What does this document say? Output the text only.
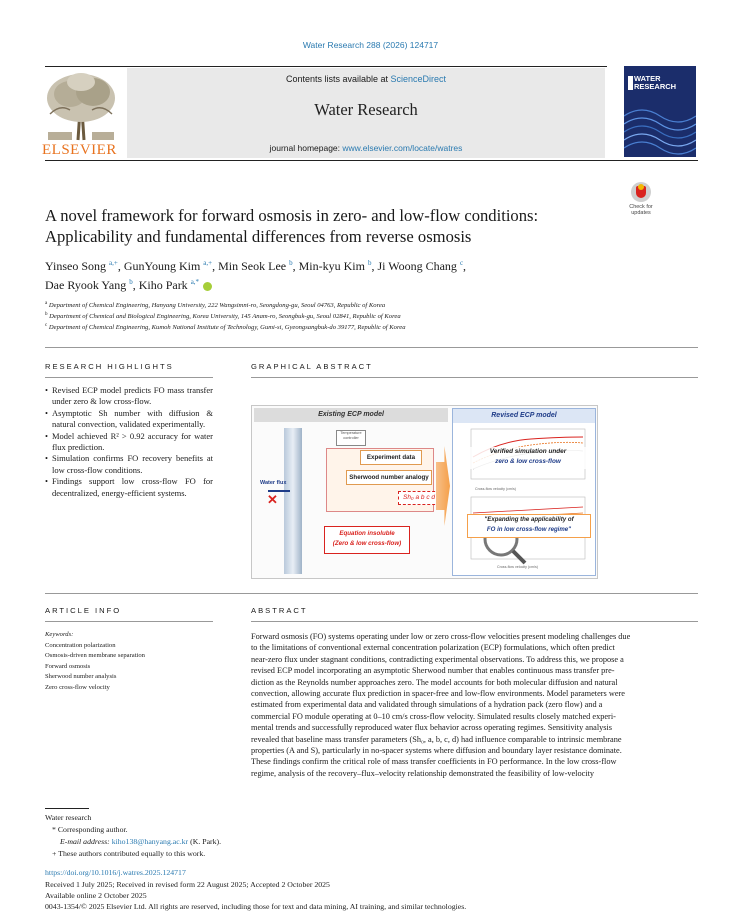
Water Research 288 (2026) 124717
ELSEVIER
Contents lists available at ScienceDirect
Water Research
journal homepage: www.elsevier.com/locate/watres
WATER
RESEARCH
Check for
updates
A novel framework for forward osmosis in zero- and low-flow conditions:
Applicability and fundamental differences from reverse osmosis
Yinseo Song $^{a,+}$, GunYoung Kim $^{a,+}$, Min Seok Lee $^b$, Min-kyu Kim $^b$, Ji Woong Chang $^c$,
Dae Ryook Yang $^b$, Kiho Park $^{a,*}$
$^a$ Department of Chemical Engineering, Hanyang University, 222 Wangsimni-ro, Seongdong-gu, Seoul 04763, Republic of Korea
$^b$ Department of Chemical and Biological Engineering, Korea University, 145 Anam-ro, Seongbuk-gu, Seoul 02841, Republic of Korea
$^c$ Department of Chemical Engineering, Kumoh National Institute of Technology, Gumi-si, Gyeongsangbuk-do 39177, Republic of Korea
RESEARCH HIGHLIGHTS
• Revised ECP model predicts FO mass transfer under zero & low cross-flow.
• Asymptotic Sh number with diffusion & natural convection, validated experimentally.
• Model achieved R² > 0.92 accuracy for water flux prediction.
• Simulation confirms FO recovery benefits at low cross-flow conditions.
• Findings support low cross-flow FO for decentralized, energy-efficient systems.
GRAPHICAL ABSTRACT
Existing ECP model
Water flux
✕
Temperature controller
Experiment data
Sherwood number analogy
Sh₀ a b c d
Equation insoluble
(Zero & low cross-flow)
Revised ECP model
Verified simulation under
zero & low cross-flow
Cross-flow velocity (cm/s)
"Expanding the applicability of
FO in low cross-flow regime"
Cross-flow velocity (cm/s)
ARTICLE INFO
Keywords:
Concentration polarization
Osmosis-driven membrane separation
Forward osmosis
Sherwood number analysis
Zero cross-flow velocity
ABSTRACT
Forward osmosis (FO) systems operating under low or zero cross-flow velocities present modeling challenges due
to the limitations of conventional external concentration polarization (ECP) formulations, which often predict
near-zero flux under stagnant conditions, contradicting experimental observations. To address this, we propose a
revised ECP model incorporating an asymptotic Sherwood number that enables continuous mass transfer pre-
diction as the Reynolds number approaches zero. The model accounts for both molecular diffusion and natural
convection, allowing accurate flux prediction in spacer-free and low-flow environments. Model parameters were
estimated from experimental data and validated through simulations of a hydration pack (zero flow) and a
commercial FO module operating at 0–10 cm/s cross-flow velocity. Simulated results closely matched experi-
mental trends and successfully reproduced water flux behavior across operating regimes. Sensitivity analysis
revealed that baseline mass transfer parameters (Sh₀, a, b, c, d) had influence comparable to intrinsic membrane
properties (A and S), particularly in no-spacer systems where diffusion and boundary layer resistance dominate.
These findings confirm the critical role of mass transfer coefficients in FO performance. In the low cross-flow
regime, analysis of the recovery–flux–velocity relationship demonstrated the feasibility of low-velocity
Water research
* Corresponding author.
E-mail address: kiho138@hanyang.ac.kr (K. Park).
+ These authors contributed equally to this work.
https://doi.org/10.1016/j.watres.2025.124717
Received 1 July 2025; Received in revised form 22 August 2025; Accepted 2 October 2025
Available online 2 October 2025
0043-1354/© 2025 Elsevier Ltd. All rights are reserved, including those for text and data mining, AI training, and similar technologies.
